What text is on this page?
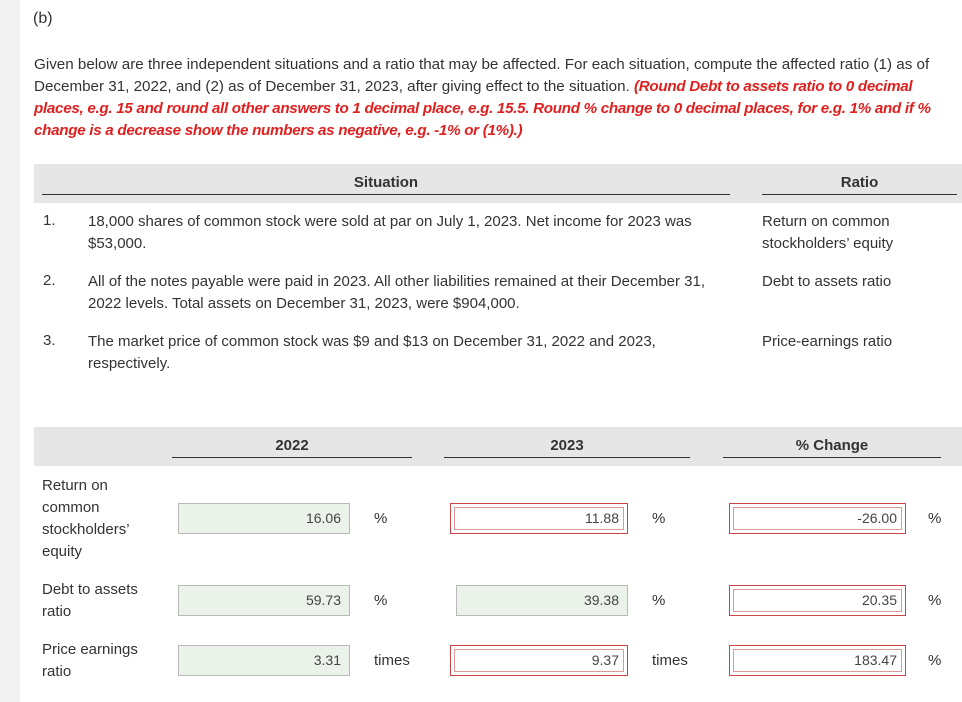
(b)
Given below are three independent situations and a ratio that may be affected. For each situation, compute the affected ratio (1) as of December 31, 2022, and (2) as of December 31, 2023, after giving effect to the situation. (Round Debt to assets ratio to 0 decimal places, e.g. 15 and round all other answers to 1 decimal place, e.g. 15.5. Round % change to 0 decimal places, for e.g. 1% and if % change is a decrease show the numbers as negative, e.g. -1% or (1%).)
Situation	Ratio
1. 18,000 shares of common stock were sold at par on July 1, 2023. Net income for 2023 was $53,000.
Return on common stockholders’ equity
2. All of the notes payable were paid in 2023. All other liabilities remained at their December 31, 2022 levels. Total assets on December 31, 2023, were $904,000.
Debt to assets ratio
3. The market price of common stock was $9 and $13 on December 31, 2022 and 2023, respectively.
Price-earnings ratio
2022	2023	% Change
Return on common stockholders’ equity
16.06	%	11.88	%	-26.00	%
Debt to assets ratio
59.73	%	39.38	%	20.35	%
Price earnings ratio
3.31	times	9.37	times	183.47	%
